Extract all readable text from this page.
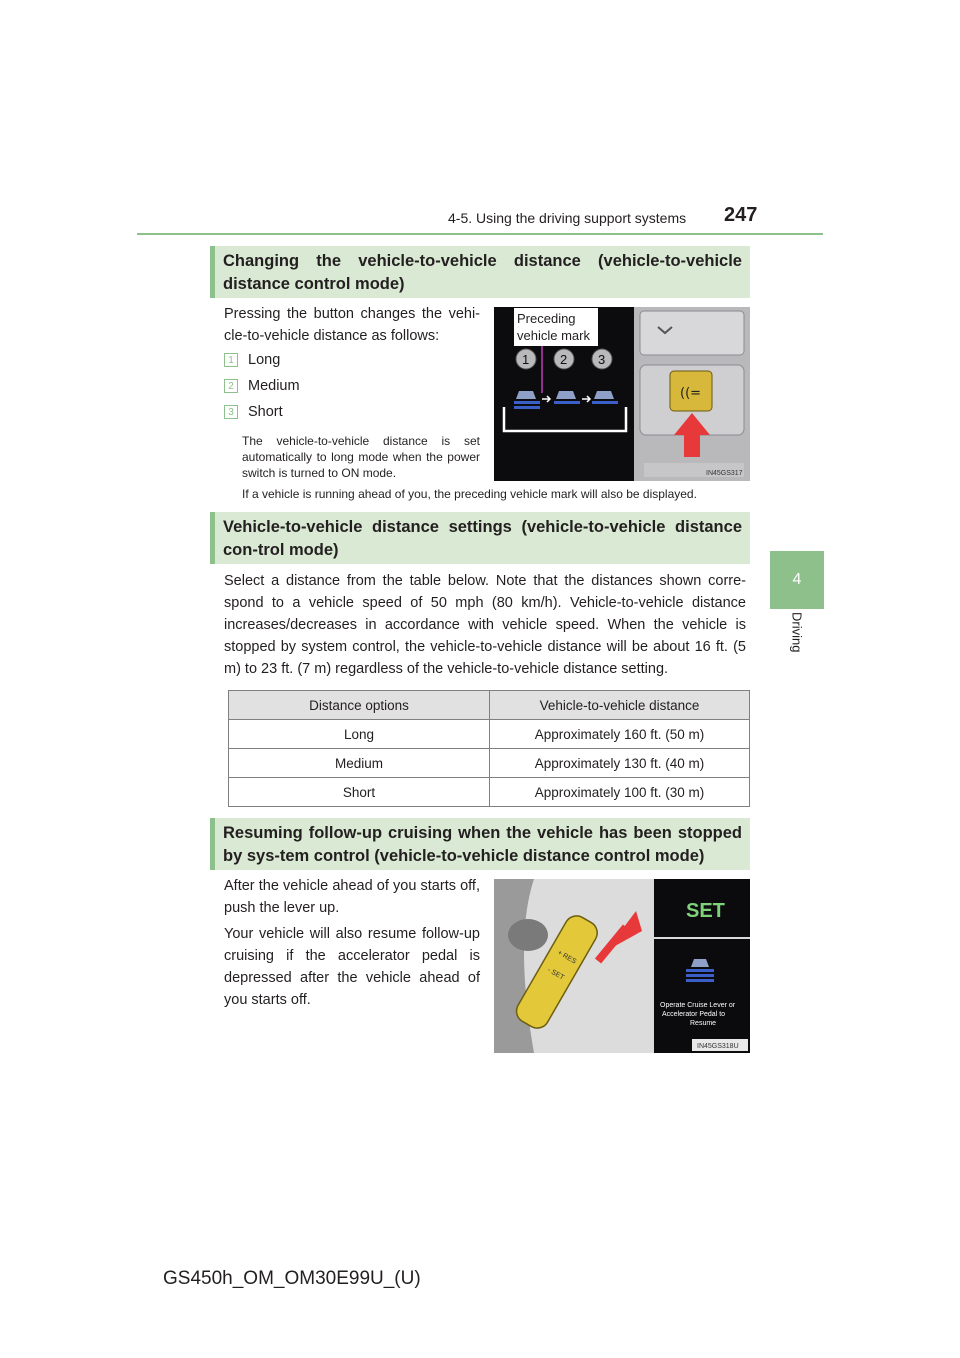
4-5. Using the driving support systems 247
4
Driving
Changing the vehicle-to-vehicle distance (vehicle-to-vehicle distance control mode)
Pressing the button changes the vehi-cle-to-vehicle distance as follows:
1 Long
2 Medium
3 Short
The vehicle-to-vehicle distance is set automatically to long mode when the power switch is turned to ON mode.
If a vehicle is running ahead of you, the preceding vehicle mark will also be displayed.
((=
Preceding
vehicle mark
1 2 3
IN45GS317
Vehicle-to-vehicle distance settings (vehicle-to-vehicle distance con-trol mode)
Select a distance from the table below. Note that the distances shown corre-spond to a vehicle speed of 50 mph (80 km/h). Vehicle-to-vehicle distance increases/decreases in accordance with vehicle speed. When the vehicle is stopped by system control, the vehicle-to-vehicle distance will be about 16 ft. (5 m) to 23 ft. (7 m) regardless of the vehicle-to-vehicle distance setting.
Distance options	Vehicle-to-vehicle distance
Long	Approximately 160 ft. (50 m)
Medium	Approximately 130 ft. (40 m)
Short	Approximately 100 ft. (30 m)
Resuming follow-up cruising when the vehicle has been stopped by sys-tem control (vehicle-to-vehicle distance control mode)
After the vehicle ahead of you starts off, push the lever up.
Your vehicle will also resume follow-up cruising if the accelerator pedal is depressed after the vehicle ahead of you starts off.
+ RES
- SET
SET
Operate Cruise Lever or
Accelerator Pedal to
Resume
IN45GS318U
GS450h_OM_OM30E99U_(U)
